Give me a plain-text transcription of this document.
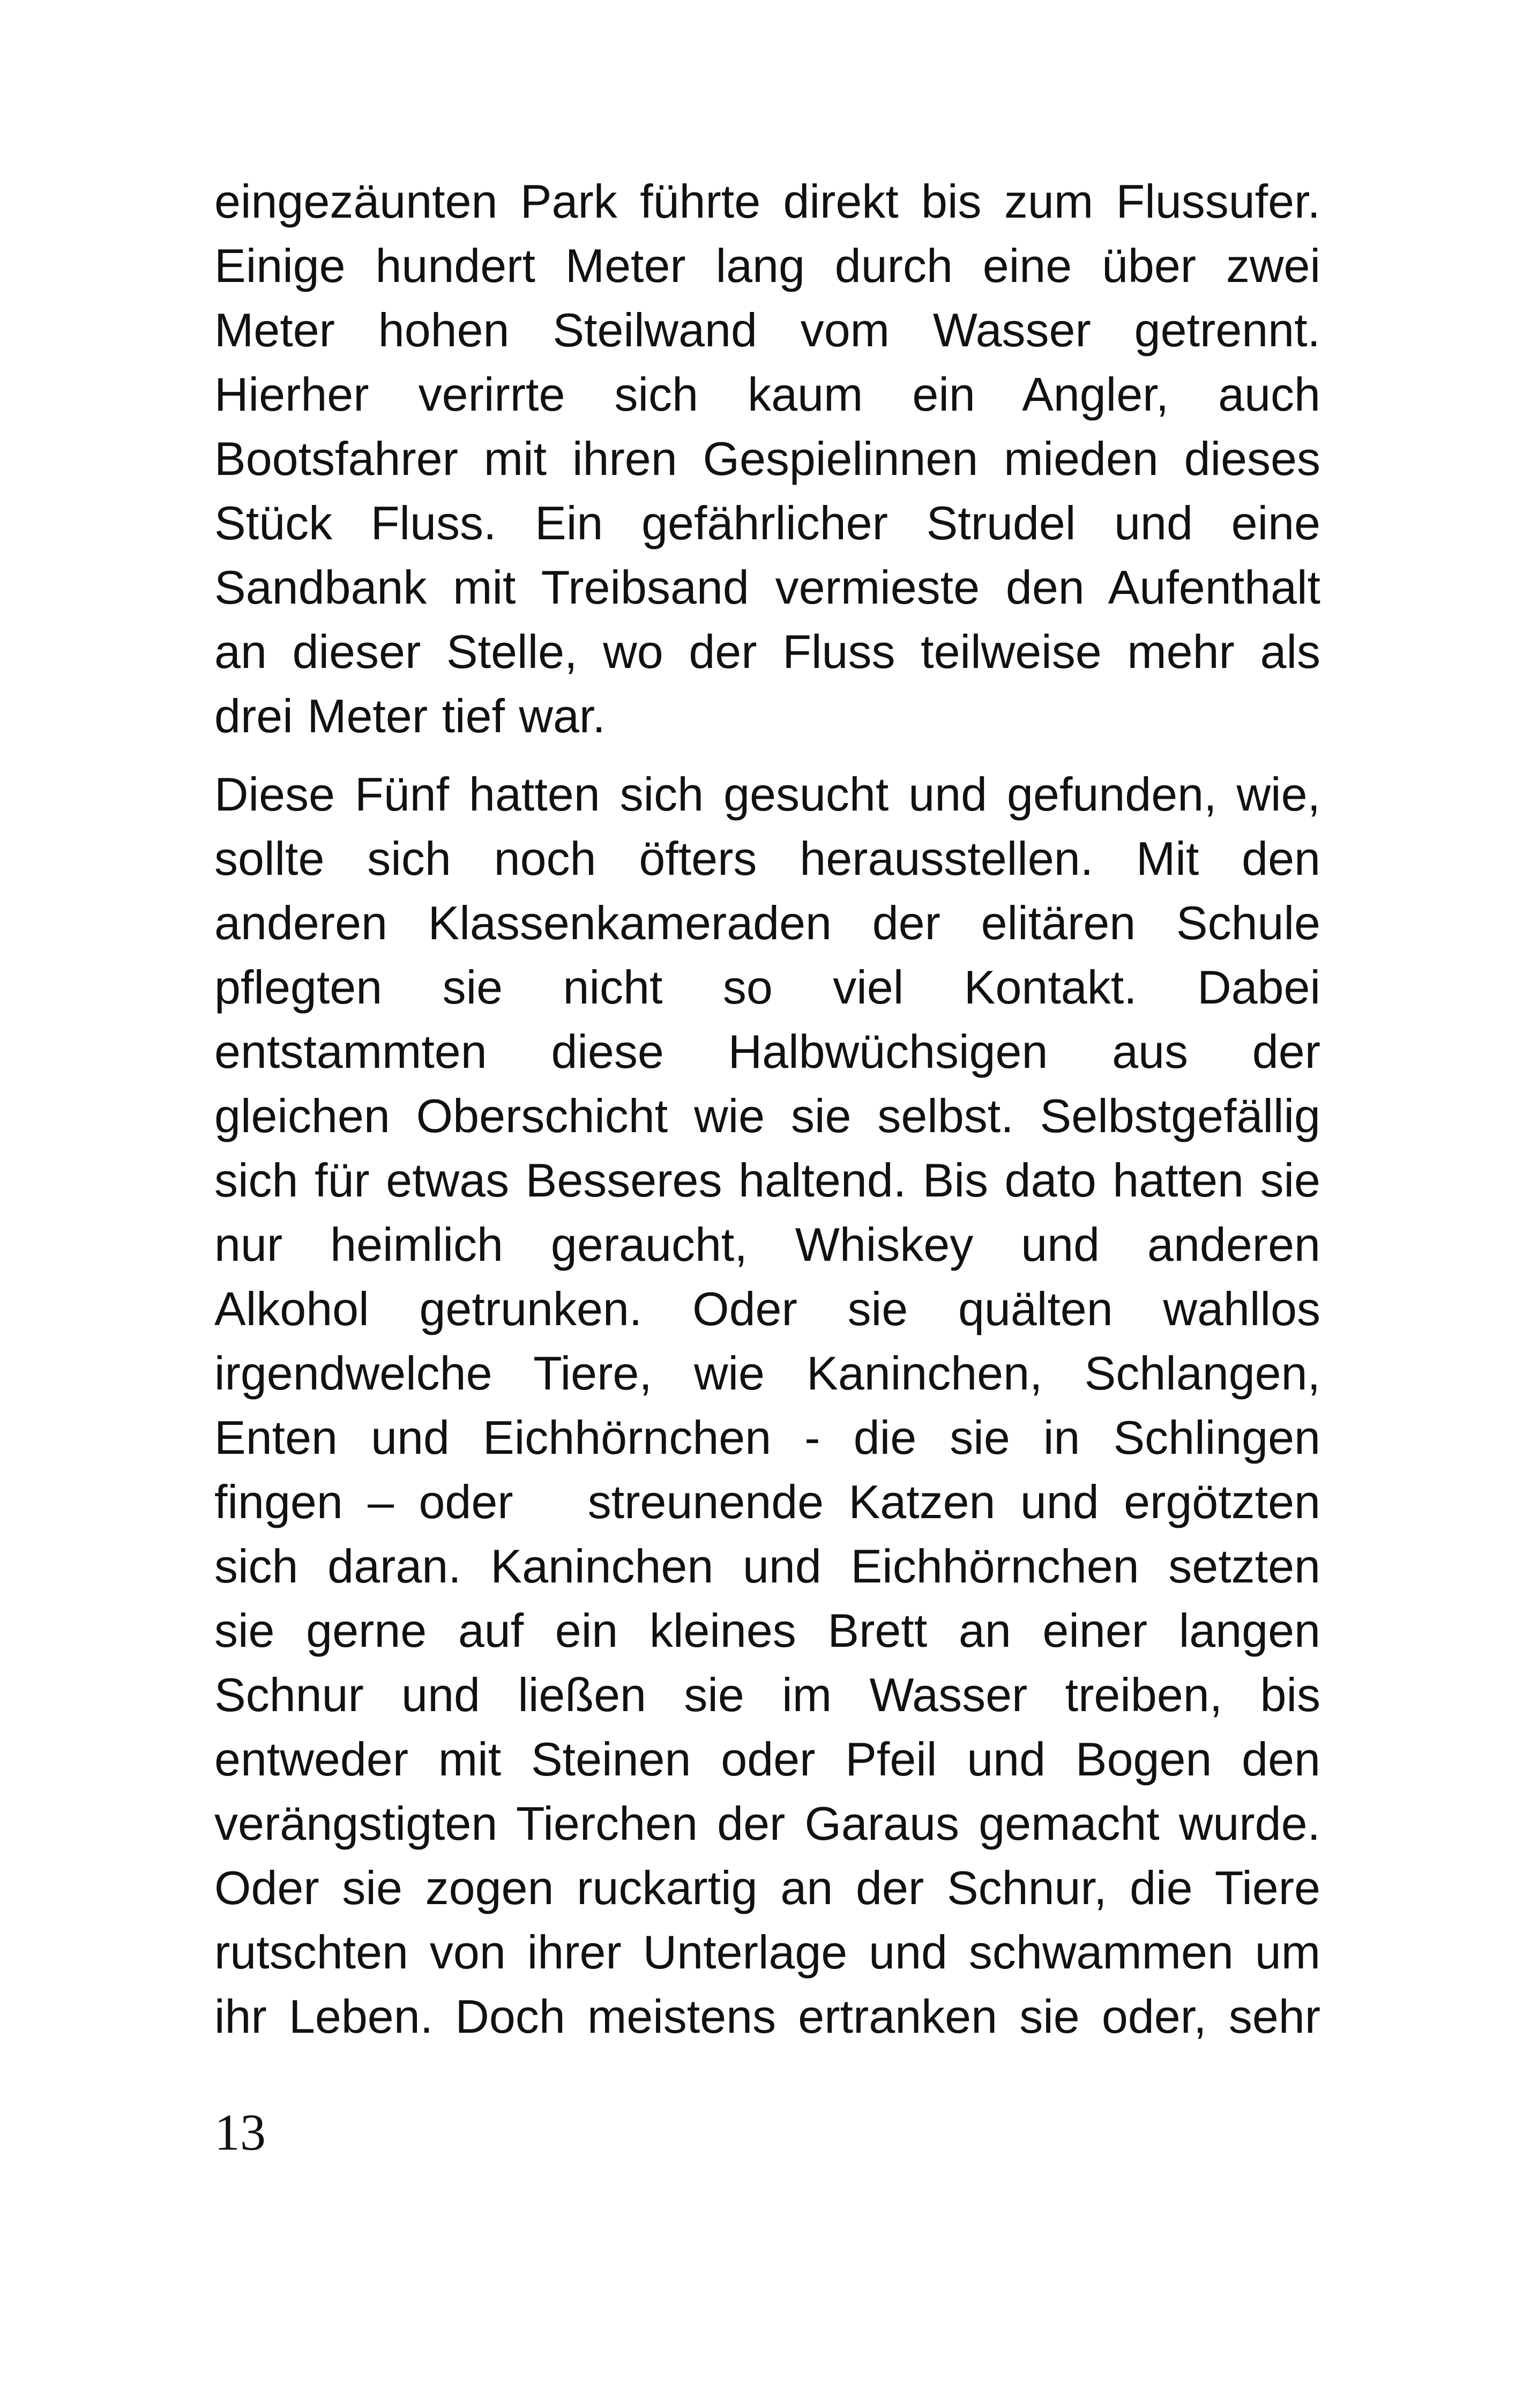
eingezäunten Park führte direkt bis zum Flussufer.
Einige hundert Meter lang durch eine über zwei
Meter hohen Steilwand vom Wasser getrennt.
Hierher verirrte sich kaum ein Angler, auch
Bootsfahrer mit ihren Gespielinnen mieden dieses
Stück Fluss. Ein gefährlicher Strudel und eine
Sandbank mit Treibsand vermieste den Aufenthalt
an dieser Stelle, wo der Fluss teilweise mehr als
drei Meter tief war.

Diese Fünf hatten sich gesucht und gefunden, wie,
sollte sich noch öfters herausstellen. Mit den
anderen Klassenkameraden der elitären Schule
pflegten sie nicht so viel Kontakt. Dabei
entstammten diese Halbwüchsigen aus der
gleichen Oberschicht wie sie selbst. Selbstgefällig
sich für etwas Besseres haltend. Bis dato hatten sie
nur heimlich geraucht, Whiskey und anderen
Alkohol getrunken. Oder sie quälten wahllos
irgendwelche Tiere, wie Kaninchen, Schlangen,
Enten und Eichhörnchen - die sie in Schlingen
fingen – oder   streunende Katzen und ergötzten
sich daran. Kaninchen und Eichhörnchen setzten
sie gerne auf ein kleines Brett an einer langen
Schnur und ließen sie im Wasser treiben, bis
entweder mit Steinen oder Pfeil und Bogen den
verängstigten Tierchen der Garaus gemacht wurde.
Oder sie zogen ruckartig an der Schnur, die Tiere
rutschten von ihrer Unterlage und schwammen um
ihr Leben. Doch meistens ertranken sie oder, sehr

13
